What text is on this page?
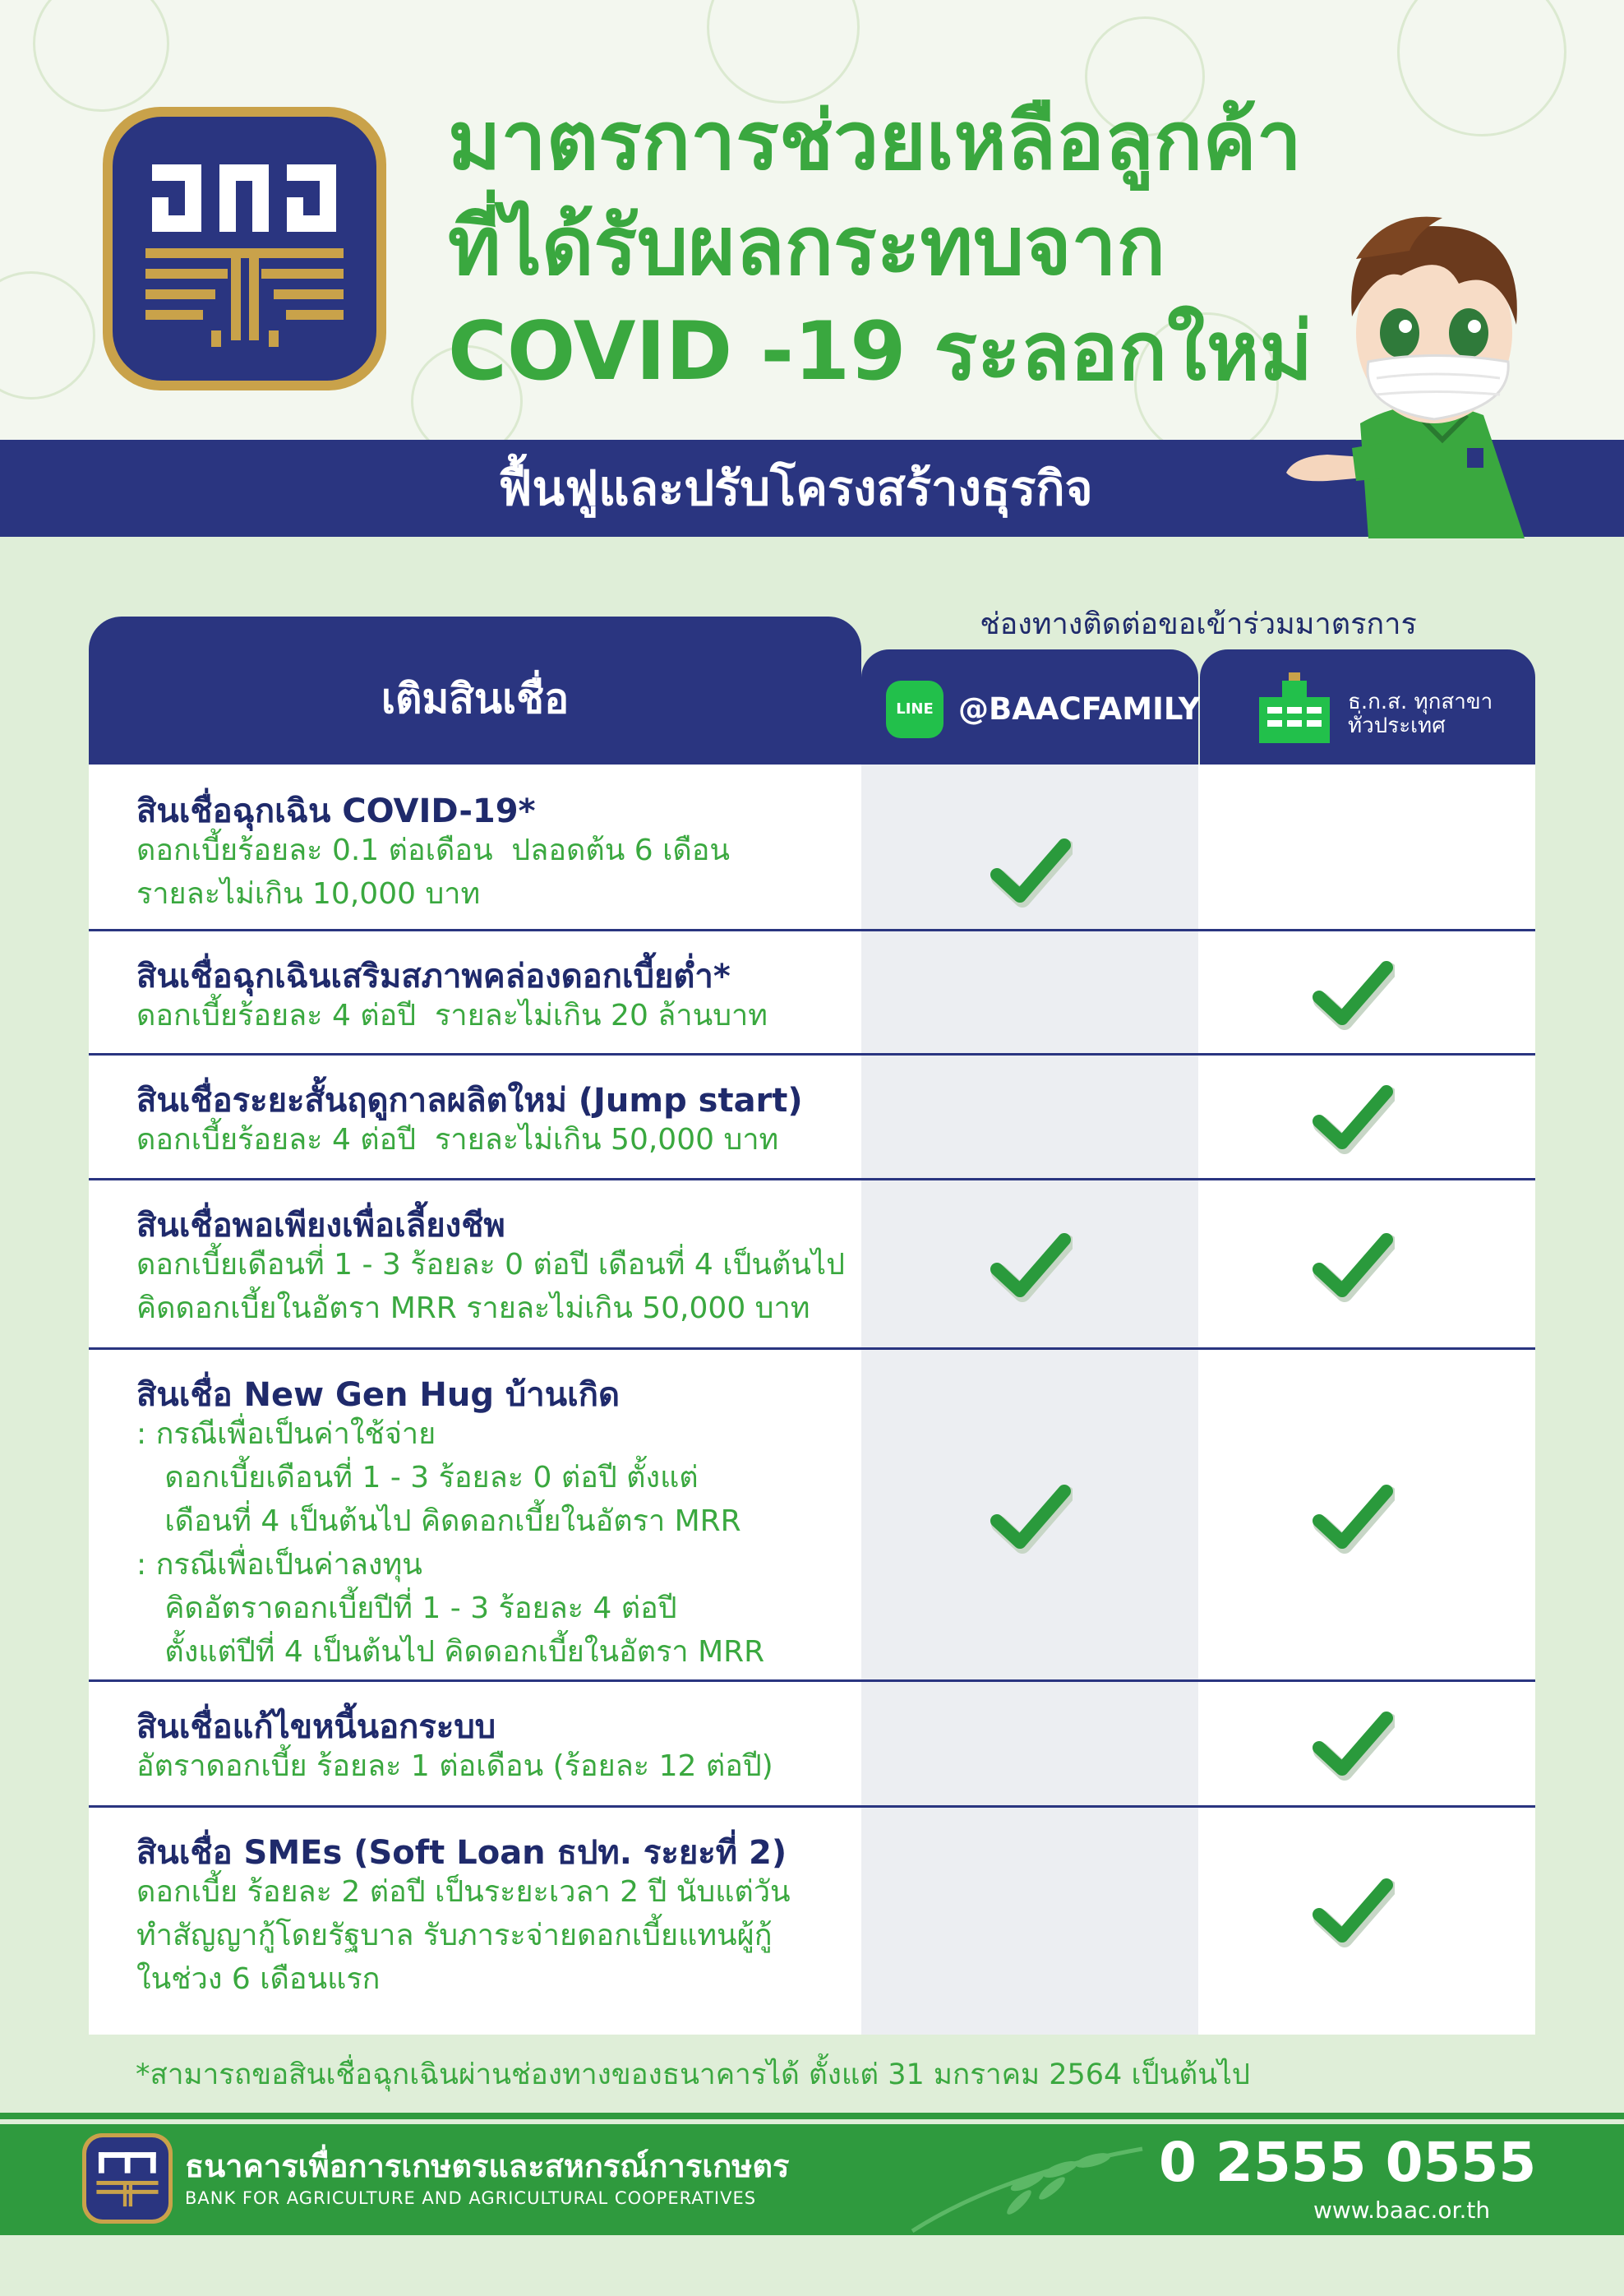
มาตรการช่วยเหลือลูกค้า
ที่ได้รับผลกระทบจาก
COVID -19 ระลอกใหม่
ฟื้นฟูและปรับโครงสร้างธุรกิจ
ช่องทางติดต่อขอเข้าร่วมมาตรการ
เติมสินเชื่อ	LINE @BAACFAMILY	ธ.ก.ส. ทุกสาขา
ทั่วประเทศ
สินเชื่อฉุกเฉิน COVID-19*
ดอกเบี้ยร้อยละ 0.1 ต่อเดือน  ปลอดต้น 6 เดือน
รายละไม่เกิน 10,000 บาท
สินเชื่อฉุกเฉินเสริมสภาพคล่องดอกเบี้ยต่ำ*
ดอกเบี้ยร้อยละ 4 ต่อปี  รายละไม่เกิน 20 ล้านบาท
สินเชื่อระยะสั้นฤดูกาลผลิตใหม่ (Jump start)
ดอกเบี้ยร้อยละ 4 ต่อปี  รายละไม่เกิน 50,000 บาท
สินเชื่อพอเพียงเพื่อเลี้ยงชีพ
ดอกเบี้ยเดือนที่ 1 - 3 ร้อยละ 0 ต่อปี เดือนที่ 4 เป็นต้นไป
คิดดอกเบี้ยในอัตรา MRR รายละไม่เกิน 50,000 บาท
สินเชื่อ New Gen Hug บ้านเกิด
: กรณีเพื่อเป็นค่าใช้จ่าย
ดอกเบี้ยเดือนที่ 1 - 3 ร้อยละ 0 ต่อปี ตั้งแต่
เดือนที่ 4 เป็นต้นไป คิดดอกเบี้ยในอัตรา MRR
: กรณีเพื่อเป็นค่าลงทุน
คิดอัตราดอกเบี้ยปีที่ 1 - 3 ร้อยละ 4 ต่อปี
ตั้งแต่ปีที่ 4 เป็นต้นไป คิดดอกเบี้ยในอัตรา MRR
สินเชื่อแก้ไขหนี้นอกระบบ
อัตราดอกเบี้ย ร้อยละ 1 ต่อเดือน (ร้อยละ 12 ต่อปี)
สินเชื่อ SMEs (Soft Loan ธปท. ระยะที่ 2)
ดอกเบี้ย ร้อยละ 2 ต่อปี เป็นระยะเวลา 2 ปี นับแต่วัน
ทำสัญญากู้โดยรัฐบาล รับภาระจ่ายดอกเบี้ยแทนผู้กู้
ในช่วง 6 เดือนแรก
*สามารถขอสินเชื่อฉุกเฉินผ่านช่องทางของธนาคารได้ ตั้งแต่ 31 มกราคม 2564 เป็นต้นไป
ธนาคารเพื่อการเกษตรและสหกรณ์การเกษตร
BANK FOR AGRICULTURE AND AGRICULTURAL COOPERATIVES
0 2555 0555
www.baac.or.th
